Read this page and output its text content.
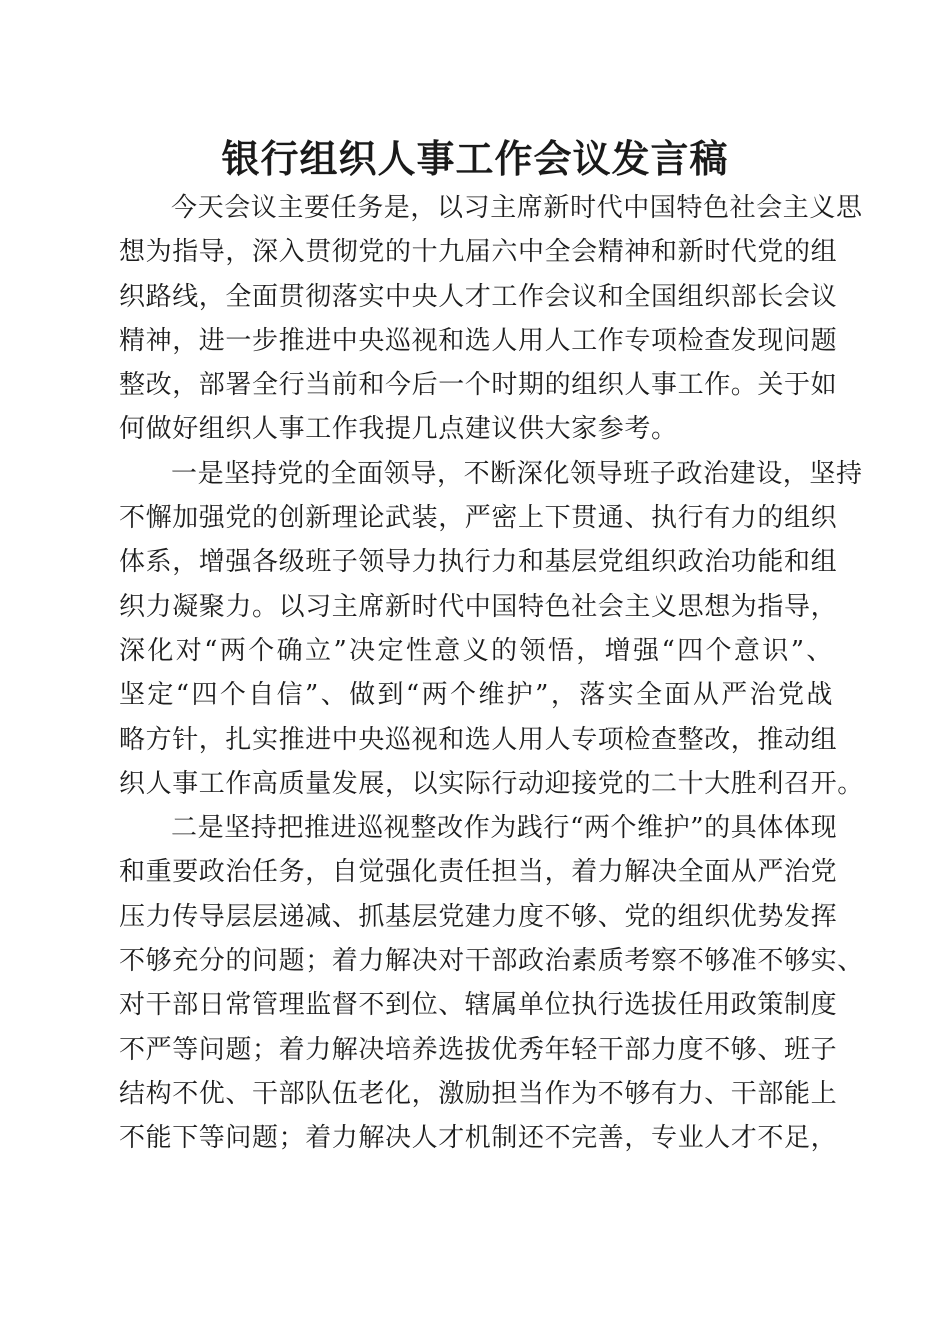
银行组织人事工作会议发言稿
今天会议主要任务是，以习主席新时代中国特色社会主义思
想为指导，深入贯彻党的十九届六中全会精神和新时代党的组
织路线，全面贯彻落实中央人才工作会议和全国组织部长会议
精神，进一步推进中央巡视和选人用人工作专项检查发现问题
整改，部署全行当前和今后一个时期的组织人事工作。关于如
何做好组织人事工作我提几点建议供大家参考。
一是坚持党的全面领导，不断深化领导班子政治建设，坚持
不懈加强党的创新理论武装，严密上下贯通、执行有力的组织
体系，增强各级班子领导力执行力和基层党组织政治功能和组
织力凝聚力。以习主席新时代中国特色社会主义思想为指导，
深化对“两个确立”决定性意义的领悟，增强“四个意识”、
坚定“四个自信”、做到“两个维护”，落实全面从严治党战
略方针，扎实推进中央巡视和选人用人专项检查整改，推动组
织人事工作高质量发展，以实际行动迎接党的二十大胜利召开。
二是坚持把推进巡视整改作为践行“两个维护”的具体体现
和重要政治任务，自觉强化责任担当，着力解决全面从严治党
压力传导层层递减、抓基层党建力度不够、党的组织优势发挥
不够充分的问题；着力解决对干部政治素质考察不够准不够实、
对干部日常管理监督不到位、辖属单位执行选拔任用政策制度
不严等问题；着力解决培养选拔优秀年轻干部力度不够、班子
结构不优、干部队伍老化，激励担当作为不够有力、干部能上
不能下等问题；着力解决人才机制还不完善，专业人才不足，
